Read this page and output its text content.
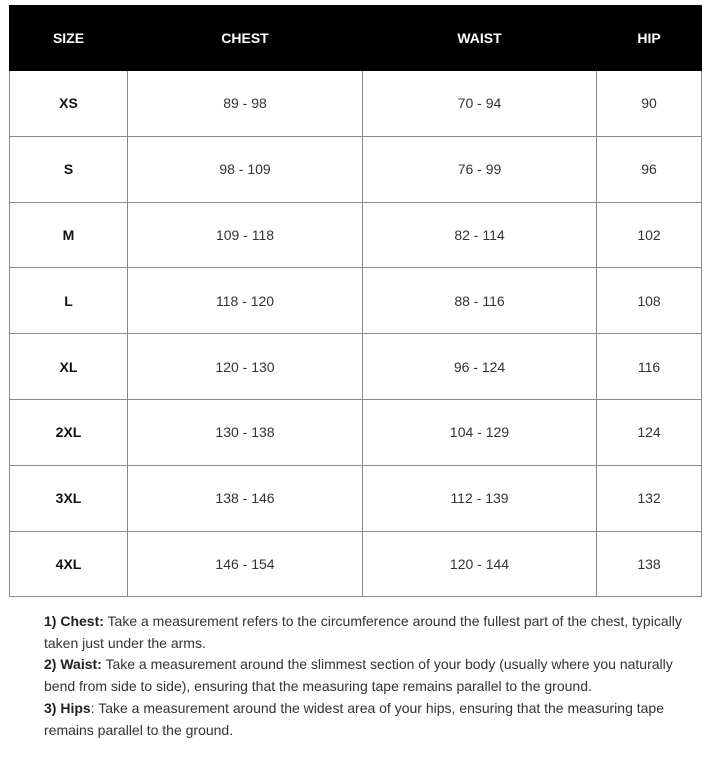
SIZE	CHEST	WAIST	HIP
XS	89 - 98	70 - 94	90
S	98 - 109	76 - 99	96
M	109 - 118	82 - 114	102
L	118 - 120	88 - 116	108
XL	120 - 130	96 - 124	116
2XL	130 - 138	104 - 129	124
3XL	138 - 146	112 - 139	132
4XL	146 - 154	120 - 144	138

1) Chest: Take a measurement refers to the circumference around the fullest part of the chest, typically taken just under the arms.

2) Waist: Take a measurement around the slimmest section of your body (usually where you naturally bend from side to side), ensuring that the measuring tape remains parallel to the ground.

3) Hips: Take a measurement around the widest area of your hips, ensuring that the measuring tape remains parallel to the ground.
